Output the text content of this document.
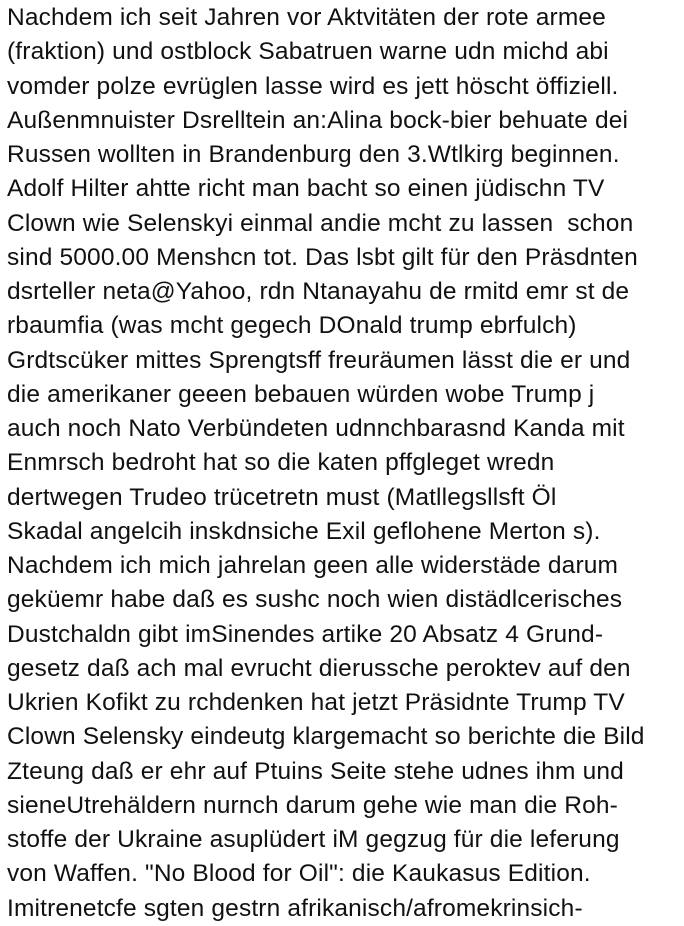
Nachdem ich seit Jahren vor Aktvitäten der rote armee
(fraktion) und ostblock Sabatruen warne udn michd abi
vomder polze evrüglen lasse wird es jett höscht öffiziell.
Außenmnuister Dsrelltein an:Alina bock-bier behuate dei
Russen wollten in Brandenburg den 3.Wtlkirg beginnen.
Adolf Hilter ahtte richt man bacht so einen jüdischn TV
Clown wie Selenskyi einmal andie mcht zu lassen  schon
sind 5000.00 Menshcn tot. Das lsbt gilt für den Präsdnten
dsrteller neta@Yahoo, rdn Ntanayahu de rmitd emr st de
rbaumfia (was mcht gegech DOnald trump ebrfulch)
Grdtscüker mittes Sprengtsff freuräumen lässt die er und
die amerikaner geeen bebauen würden wobe Trump j
auch noch Nato Verbündeten udnnchbarasnd Kanda mit
Enmrsch bedroht hat so die katen pffgleget wredn
dertwegen Trudeo trücetretn must (Matllegsllsft Öl
Skadal angelcih inskdnsiche Exil geflohene Merton s).
Nachdem ich mich jahrelan geen alle widerstäde darum
geküemr habe daß es sushc noch wien distädlcerisches
Dustchaldn gibt imSinendes artike 20 Absatz 4 Grund-
gesetz daß ach mal evrucht dierussche peroktev auf den
Ukrien Kofikt zu rchdenken hat jetzt Präsidnte Trump TV
Clown Selensky eindeutg klargemacht so berichte die Bild
Zteung daß er ehr auf Ptuins Seite stehe udnes ihm und
sieneUtrehäldern nurnch darum gehe wie man die Roh-
stoffe der Ukraine asuplüdert iM gegzug für die leferung
von Waffen. "No Blood for Oil": die Kaukasus Edition.
Imitrenetcfe sgten gestrn afrikanisch/afromekrinsich-
